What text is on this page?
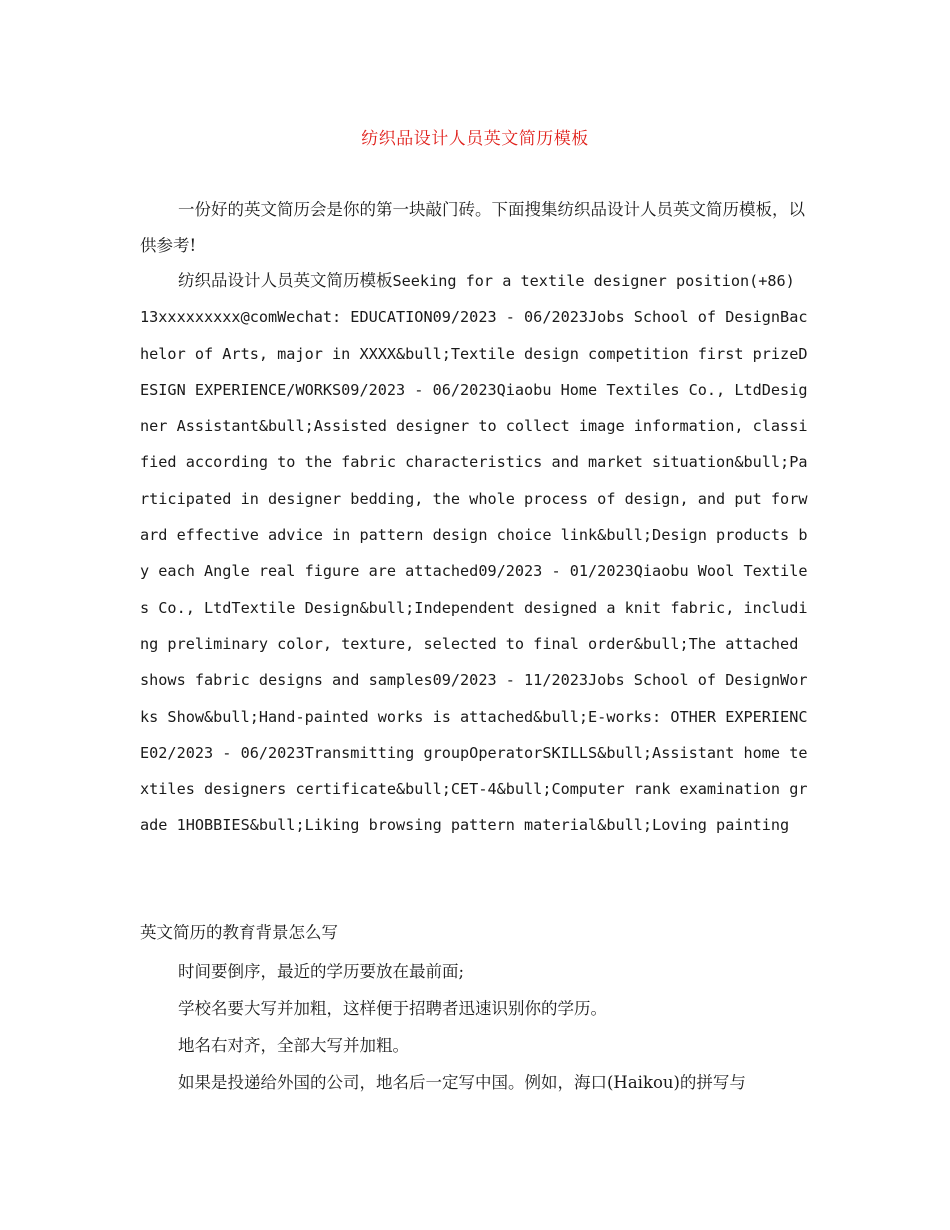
纺织品设计人员英文简历模板
一份好的英文简历会是你的第一块敲门砖。下面搜集纺织品设计人员英文简历模板，以供参考!
纺织品设计人员英文简历模板Seeking for a textile designer position(+86) 13xxxxxxxxx@comWechat: EDUCATION09/2023 - 06/2023Jobs School of DesignBachelor of Arts, major in XXXX&bull;Textile design competition first prizeDESIGN EXPERIENCE/WORKS09/2023 - 06/2023Qiaobu Home Textiles Co., LtdDesigner Assistant&bull;Assisted designer to collect image information, classified according to the fabric characteristics and market situation&bull;Participated in designer bedding, the whole process of design, and put forward effective advice in pattern design choice link&bull;Design products by each Angle real figure are attached09/2023 - 01/2023Qiaobu Wool Textiles Co., LtdTextile Design&bull;Independent designed a knit fabric, including preliminary color, texture, selected to final order&bull;The attached shows fabric designs and samples09/2023 - 11/2023Jobs School of DesignWorks Show&bull;Hand-painted works is attached&bull;E-works: OTHER EXPERIENCE02/2023 - 06/2023Transmitting groupOperatorSKILLS&bull;Assistant home textiles designers certificate&bull;CET-4&bull;Computer rank examination grade 1HOBBIES&bull;Liking browsing pattern material&bull;Loving painting
英文简历的教育背景怎么写

时间要倒序，最近的学历要放在最前面;

学校名要大写并加粗，这样便于招聘者迅速识别你的学历。

地名右对齐，全部大写并加粗。

如果是投递给外国的公司，地名后一定写中国。例如，海口(Haikou)的拼写与
